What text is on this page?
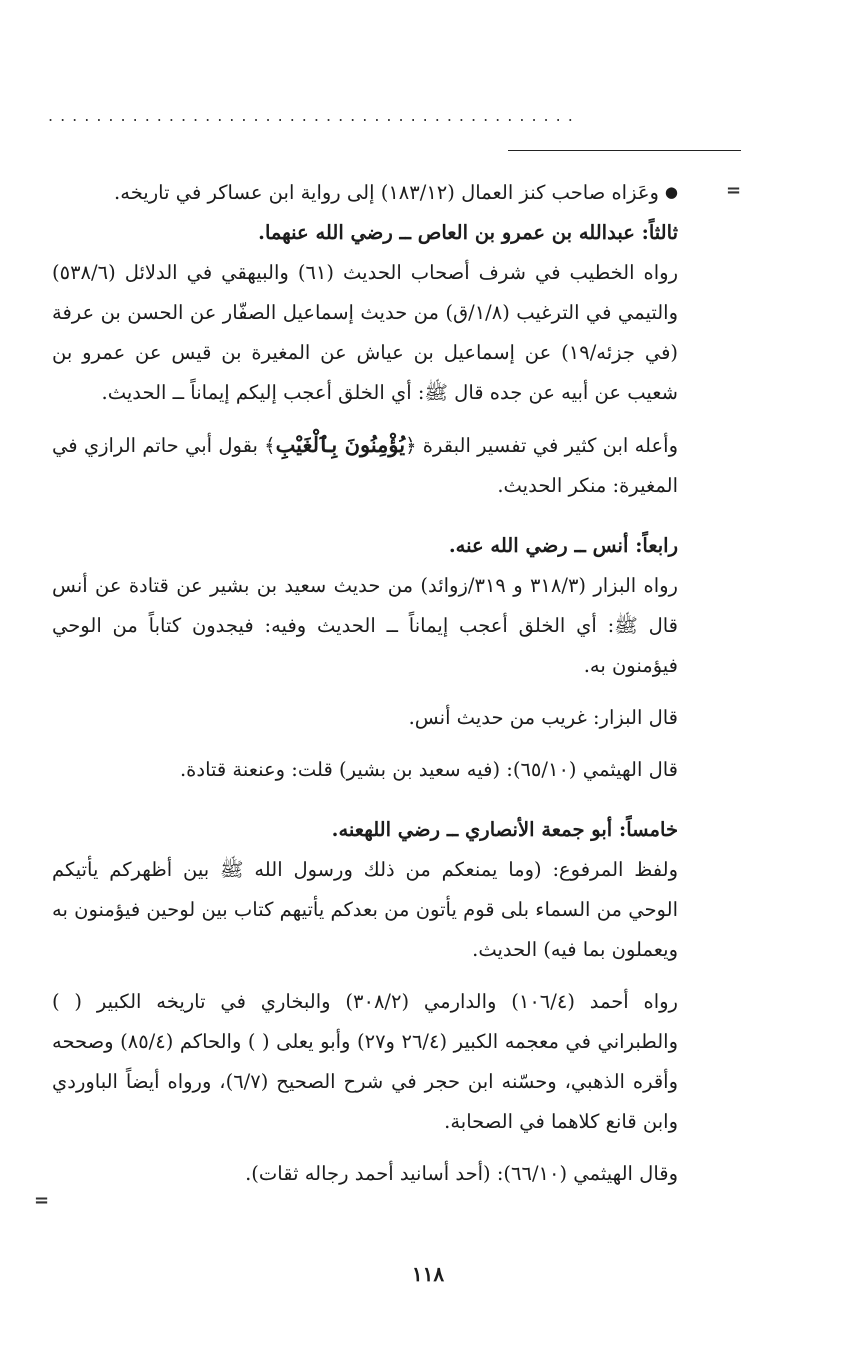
............................................
=

●وعَزاه صاحب كنز العمال (١٨٣/١٢) إلى رواية ابن عساكر في تاريخه.

ثالثاً: عبدالله بن عمرو بن العاص ــ رضي الله عنهما.

رواه الخطيب في شرف أصحاب الحديث (٦١) والبيهقي في الدلائل (٥٣٨/٦) والتيمي في الترغيب (١/٨/ق) من حديث إسماعيل الصفّار عن الحسن بن عرفة (في جزئه/١٩) عن إسماعيل بن عياش عن المغيرة بن قيس عن عمرو بن شعيب عن أبيه عن جده قال ﷺ: أي الخلق أعجب إليكم إيماناً ــ الحديث.

وأعله ابن كثير في تفسير البقرة ﴿يُؤْمِنُونَ بِٱلْغَيْبِ﴾ بقول أبي حاتم الرازي في المغيرة: منكر الحديث.

رابعاً: أنس ــ رضي الله عنه.

رواه البزار (٣١٨/٣ و ٣١٩/زوائد) من حديث سعيد بن بشير عن قتادة عن أنس قال ﷺ: أي الخلق أعجب إيماناً ــ الحديث وفيه: فيجدون كتاباً من الوحي فيؤمنون به.

قال البزار: غريب من حديث أنس.

قال الهيثمي (٦٥/١٠): (فيه سعيد بن بشير) قلت: وعنعنة قتادة.

خامساً: أبو جمعة الأنصاري ــ رضي اللهعنه.

ولفظ المرفوع: (وما يمنعكم من ذلك ورسول الله ﷺ بين أظهركم يأتيكم الوحي من السماء بلى قوم يأتون من بعدكم يأتيهم كتاب بين لوحين فيؤمنون به ويعملون بما فيه) الحديث.

رواه أحمد (١٠٦/٤) والدارمي (٣٠٨/٢) والبخاري في تاريخه الكبير ( ) والطبراني في معجمه الكبير (٢٦/٤ و٢٧) وأبو يعلى ( ) والحاكم (٨٥/٤) وصححه وأقره الذهبي، وحسّنه ابن حجر في شرح الصحيح (٦/٧)، ورواه أيضاً الباوردي وابن قانع كلاهما في الصحابة.

وقال الهيثمي (٦٦/١٠): (أحد أسانيد أحمد رجاله ثقات).

=
١١٨
